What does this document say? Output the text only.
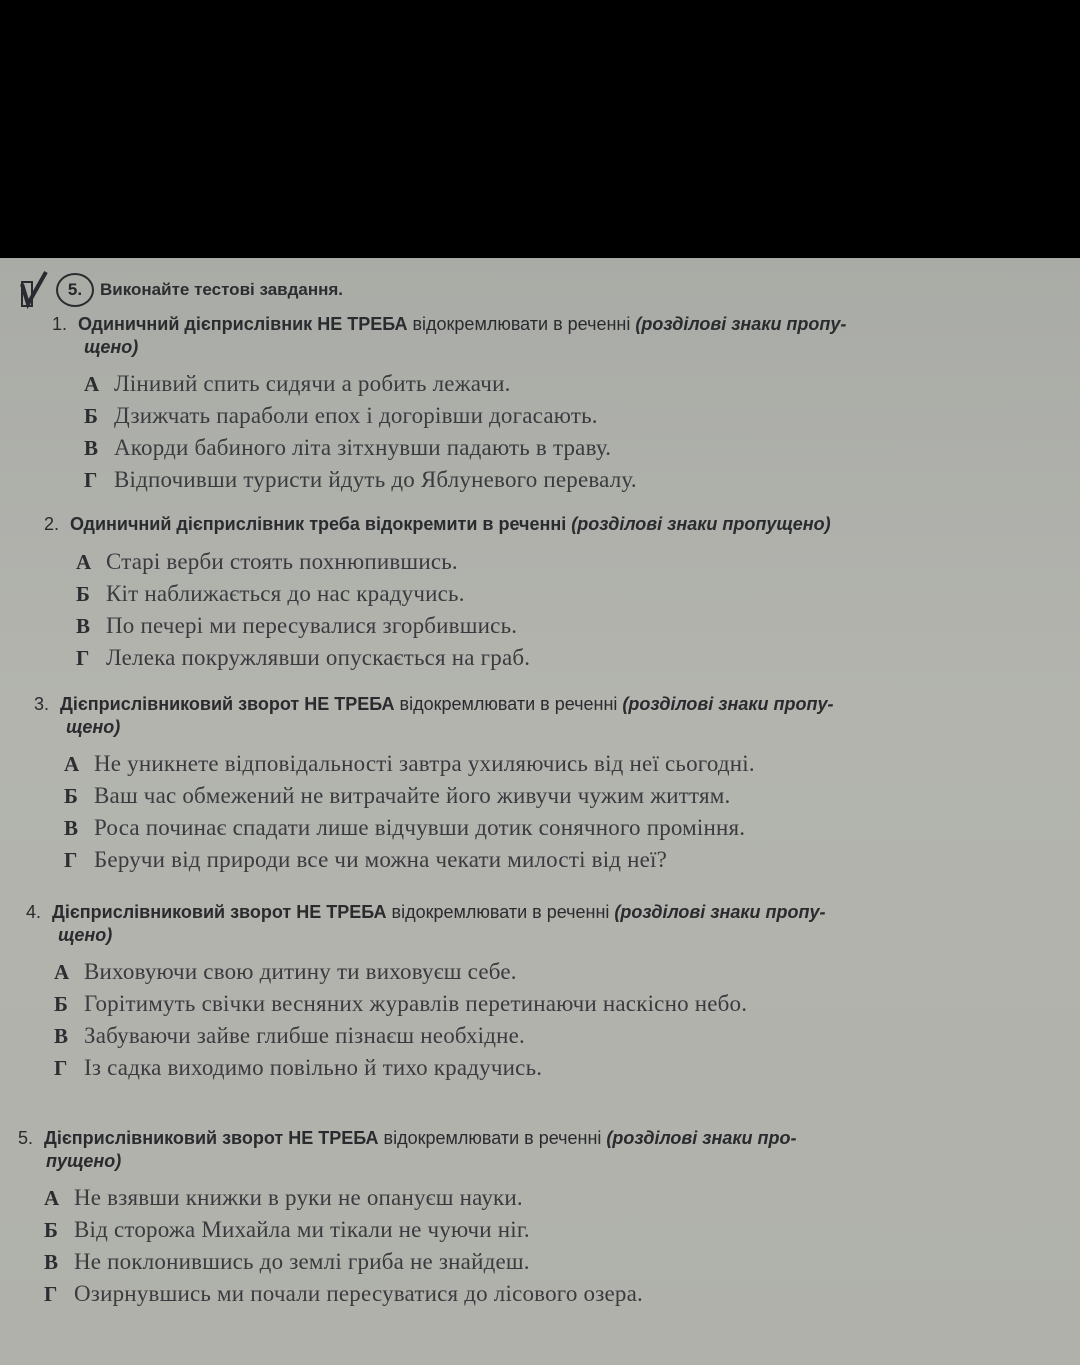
5.	Виконайте тестові завдання.
1. Одиничний дієприслівник НЕ ТРЕБА відокремлювати в реченні (розділові знаки пропу-
щено)
А Лінивий спить сидячи а робить лежачи.
Б Дзижчать параболи епох і догорівши догасають.
В Акорди бабиного літа зітхнувши падають в траву.
Г Відпочивши туристи йдуть до Яблуневого перевалу.
2. Одиничний дієприслівник треба відокремити в реченні (розділові знаки пропущено)
А Старі верби стоять похнюпившись.
Б Кіт наближається до нас крадучись.
В По печері ми пересувалися згорбившись.
Г Лелека покружлявши опускається на граб.
3. Дієприслівниковий зворот НЕ ТРЕБА відокремлювати в реченні (розділові знаки пропу-
щено)
А Не уникнете відповідальності завтра ухиляючись від неї сьогодні.
Б Ваш час обмежений не витрачайте його живучи чужим життям.
В Роса починає спадати лише відчувши дотик сонячного проміння.
Г Беручи від природи все чи можна чекати милості від неї?
4. Дієприслівниковий зворот НЕ ТРЕБА відокремлювати в реченні (розділові знаки пропу-
щено)
А Виховуючи свою дитину ти виховуєш себе.
Б Горітимуть свічки весняних журавлів перетинаючи наскісно небо.
В Забуваючи зайве глибше пізнаєш необхідне.
Г Із садка виходимо повільно й тихо крадучись.
5. Дієприслівниковий зворот НЕ ТРЕБА відокремлювати в реченні (розділові знаки про-
пущено)
А Не взявши книжки в руки не опануєш науки.
Б Від сторожа Михайла ми тікали не чуючи ніг.
В Не поклонившись до землі гриба не знайдеш.
Г Озирнувшись ми почали пересуватися до лісового озера.
